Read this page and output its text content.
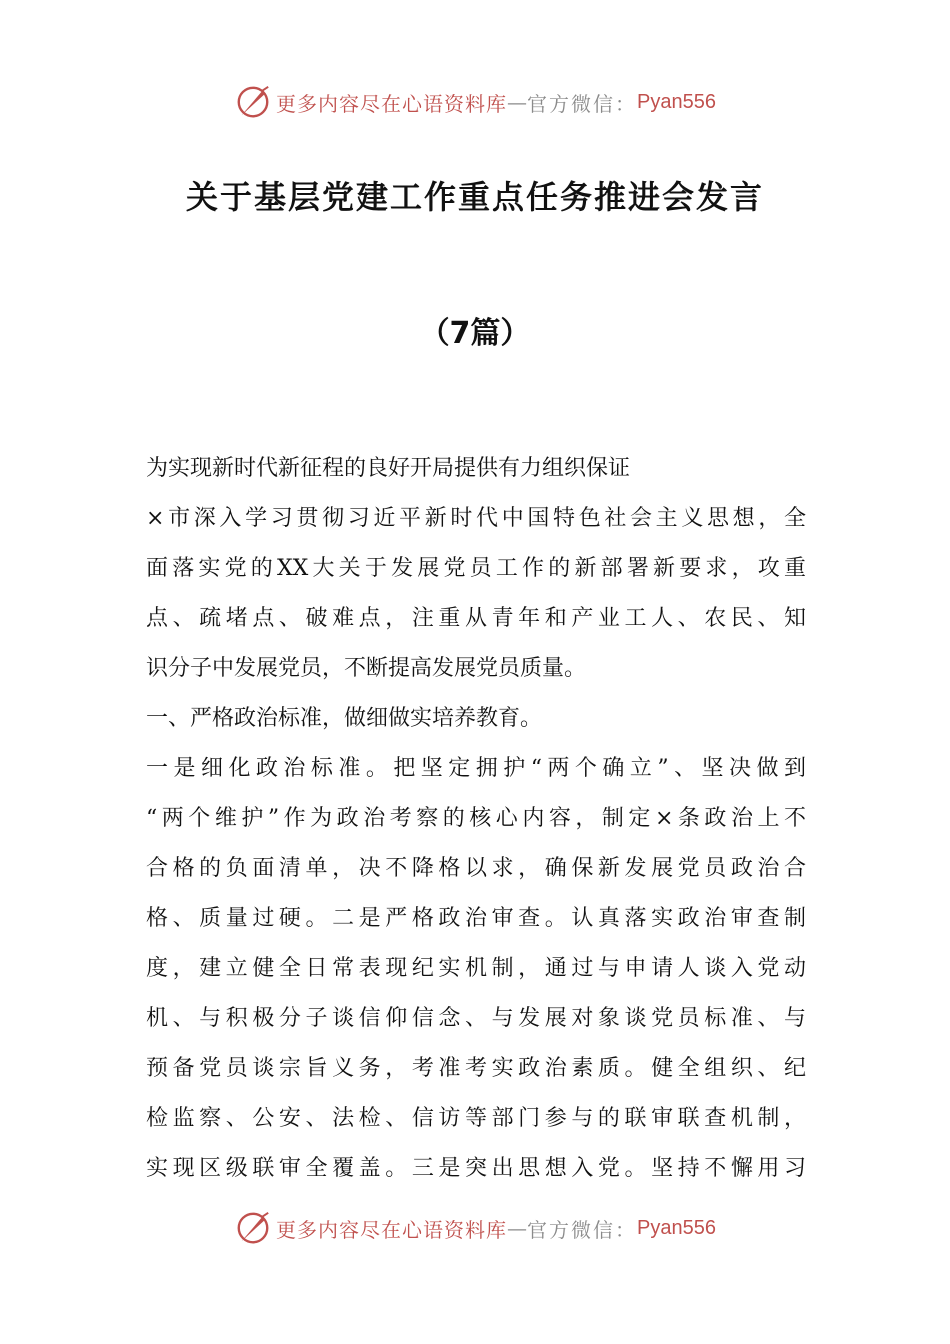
更多内容尽在心语资料库 — 官方微信： Pyan556
关于基层党建工作重点任务推进会发言
（7篇）
为实现新时代新征程的良好开局提供有力组织保证
×市深入学习贯彻习近平新时代中国特色社会主义思想，全
面落实党的XX大关于发展党员工作的新部署新要求，攻重
点、疏堵点、破难点，注重从青年和产业工人、农民、知
识分子中发展党员，不断提高发展党员质量。
一、严格政治标准，做细做实培养教育。
一是细化政治标准。把坚定拥护“两个确立”、坚决做到
“两个维护”作为政治考察的核心内容，制定×条政治上不
合格的负面清单，决不降格以求，确保新发展党员政治合
格、质量过硬。二是严格政治审查。认真落实政治审查制
度，建立健全日常表现纪实机制，通过与申请人谈入党动
机、与积极分子谈信仰信念、与发展对象谈党员标准、与
预备党员谈宗旨义务，考准考实政治素质。健全组织、纪
检监察、公安、法检、信访等部门参与的联审联查机制，
实现区级联审全覆盖。三是突出思想入党。坚持不懈用习
更多内容尽在心语资料库 — 官方微信： Pyan556
